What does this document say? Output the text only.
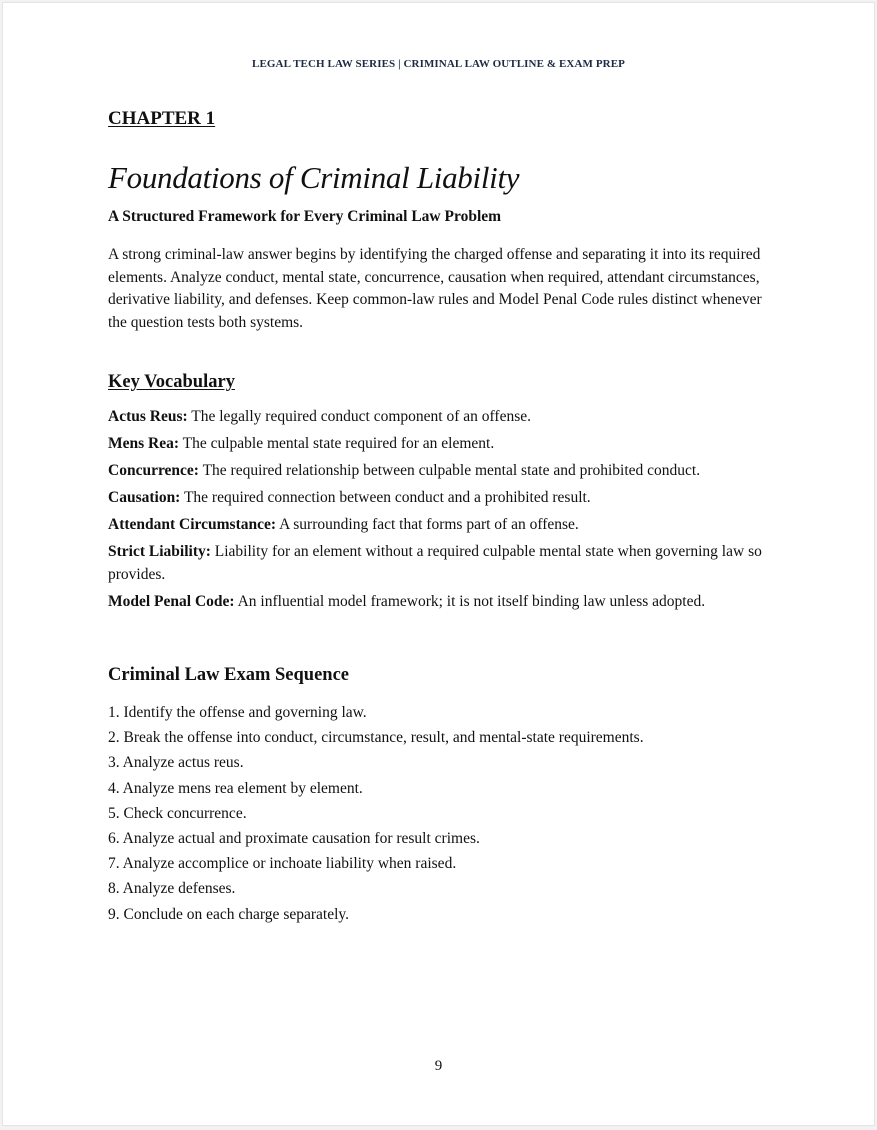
LEGAL TECH LAW SERIES | CRIMINAL LAW OUTLINE & EXAM PREP
CHAPTER 1
Foundations of Criminal Liability
A Structured Framework for Every Criminal Law Problem

A strong criminal-law answer begins by identifying the charged offense and separating it into its required elements. Analyze conduct, mental state, concurrence, causation when required, attendant circumstances, derivative liability, and defenses. Keep common-law rules and Model Penal Code rules distinct whenever the question tests both systems.

Key Vocabulary
Actus Reus: The legally required conduct component of an offense.
Mens Rea: The culpable mental state required for an element.
Concurrence: The required relationship between culpable mental state and prohibited conduct.
Causation: The required connection between conduct and a prohibited result.
Attendant Circumstance: A surrounding fact that forms part of an offense.
Strict Liability: Liability for an element without a required culpable mental state when governing law so provides.
Model Penal Code: An influential model framework; it is not itself binding law unless adopted.
Criminal Law Exam Sequence
1. Identify the offense and governing law.
2. Break the offense into conduct, circumstance, result, and mental-state requirements.
3. Analyze actus reus.
4. Analyze mens rea element by element.
5. Check concurrence.
6. Analyze actual and proximate causation for result crimes.
7. Analyze accomplice or inchoate liability when raised.
8. Analyze defenses.
9. Conclude on each charge separately.
9
